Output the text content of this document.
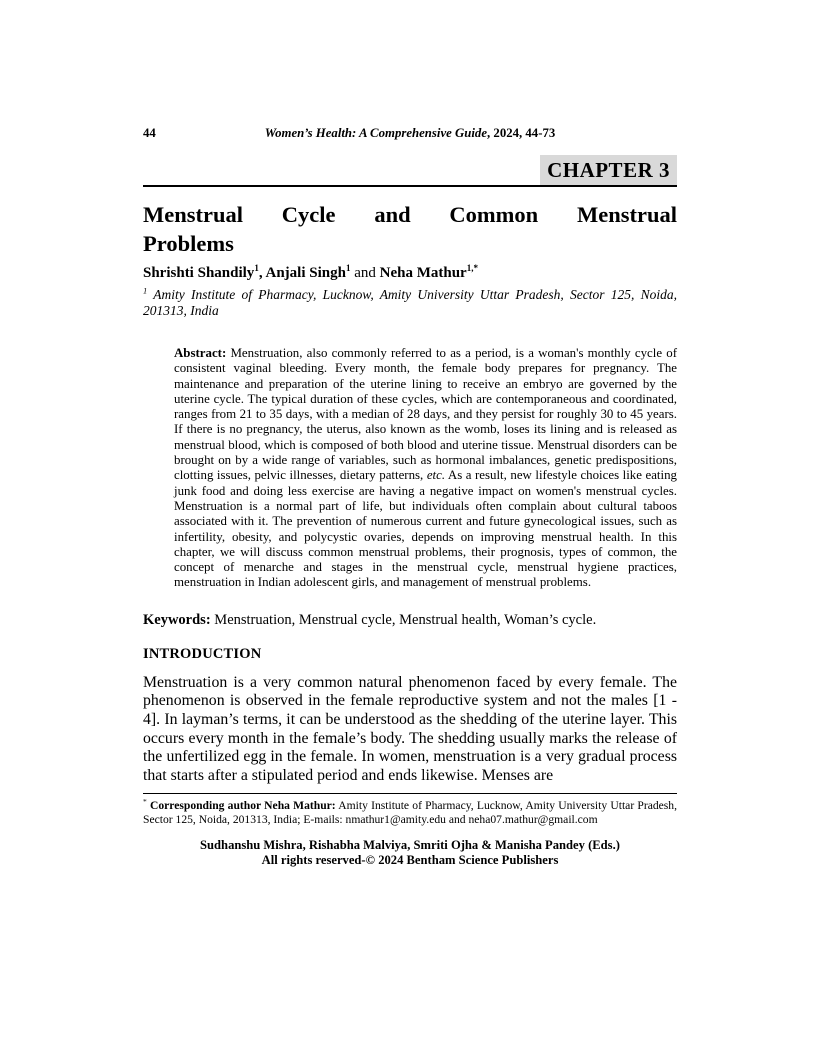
44	Women’s Health: A Comprehensive Guide, 2024, 44-73
CHAPTER 3
Menstrual Cycle and Common Menstrual
Problems

Shrishti Shandily$^1$, Anjali Singh$^1$ and Neha Mathur$^{1,*}$

$^1$ Amity Institute of Pharmacy, Lucknow, Amity University Uttar Pradesh, Sector 125, Noida, 201313, India

Abstract: Menstruation, also commonly referred to as a period, is a woman's monthly cycle of consistent vaginal bleeding. Every month, the female body prepares for pregnancy. The maintenance and preparation of the uterine lining to receive an embryo are governed by the uterine cycle. The typical duration of these cycles, which are contemporaneous and coordinated, ranges from 21 to 35 days, with a median of 28 days, and they persist for roughly 30 to 45 years. If there is no pregnancy, the uterus, also known as the womb, loses its lining and is released as menstrual blood, which is composed of both blood and uterine tissue. Menstrual disorders can be brought on by a wide range of variables, such as hormonal imbalances, genetic predispositions, clotting issues, pelvic illnesses, dietary patterns, etc. As a result, new lifestyle choices like eating junk food and doing less exercise are having a negative impact on women's menstrual cycles. Menstruation is a normal part of life, but individuals often complain about cultural taboos associated with it. The prevention of numerous current and future gynecological issues, such as infertility, obesity, and polycystic ovaries, depends on improving menstrual health. In this chapter, we will discuss common menstrual problems, their prognosis, types of common, the concept of menarche and stages in the menstrual cycle, menstrual hygiene practices, menstruation in Indian adolescent girls, and management of menstrual problems.

Keywords: Menstruation, Menstrual cycle, Menstrual health, Woman’s cycle.

INTRODUCTION

Menstruation is a very common natural phenomenon faced by every female. The phenomenon is observed in the female reproductive system and not the males [1 - 4]. In layman’s terms, it can be understood as the shedding of the uterine layer. This occurs every month in the female’s body. The shedding usually marks the release of the unfertilized egg in the female. In women, menstruation is a very gradual process that starts after a stipulated period and ends likewise. Menses are

* Corresponding author Neha Mathur: Amity Institute of Pharmacy, Lucknow, Amity University Uttar Pradesh, Sector 125, Noida, 201313, India; E-mails: nmathur1@amity.edu and neha07.mathur@gmail.com
Sudhanshu Mishra, Rishabha Malviya, Smriti Ojha & Manisha Pandey (Eds.)
All rights reserved-© 2024 Bentham Science Publishers
